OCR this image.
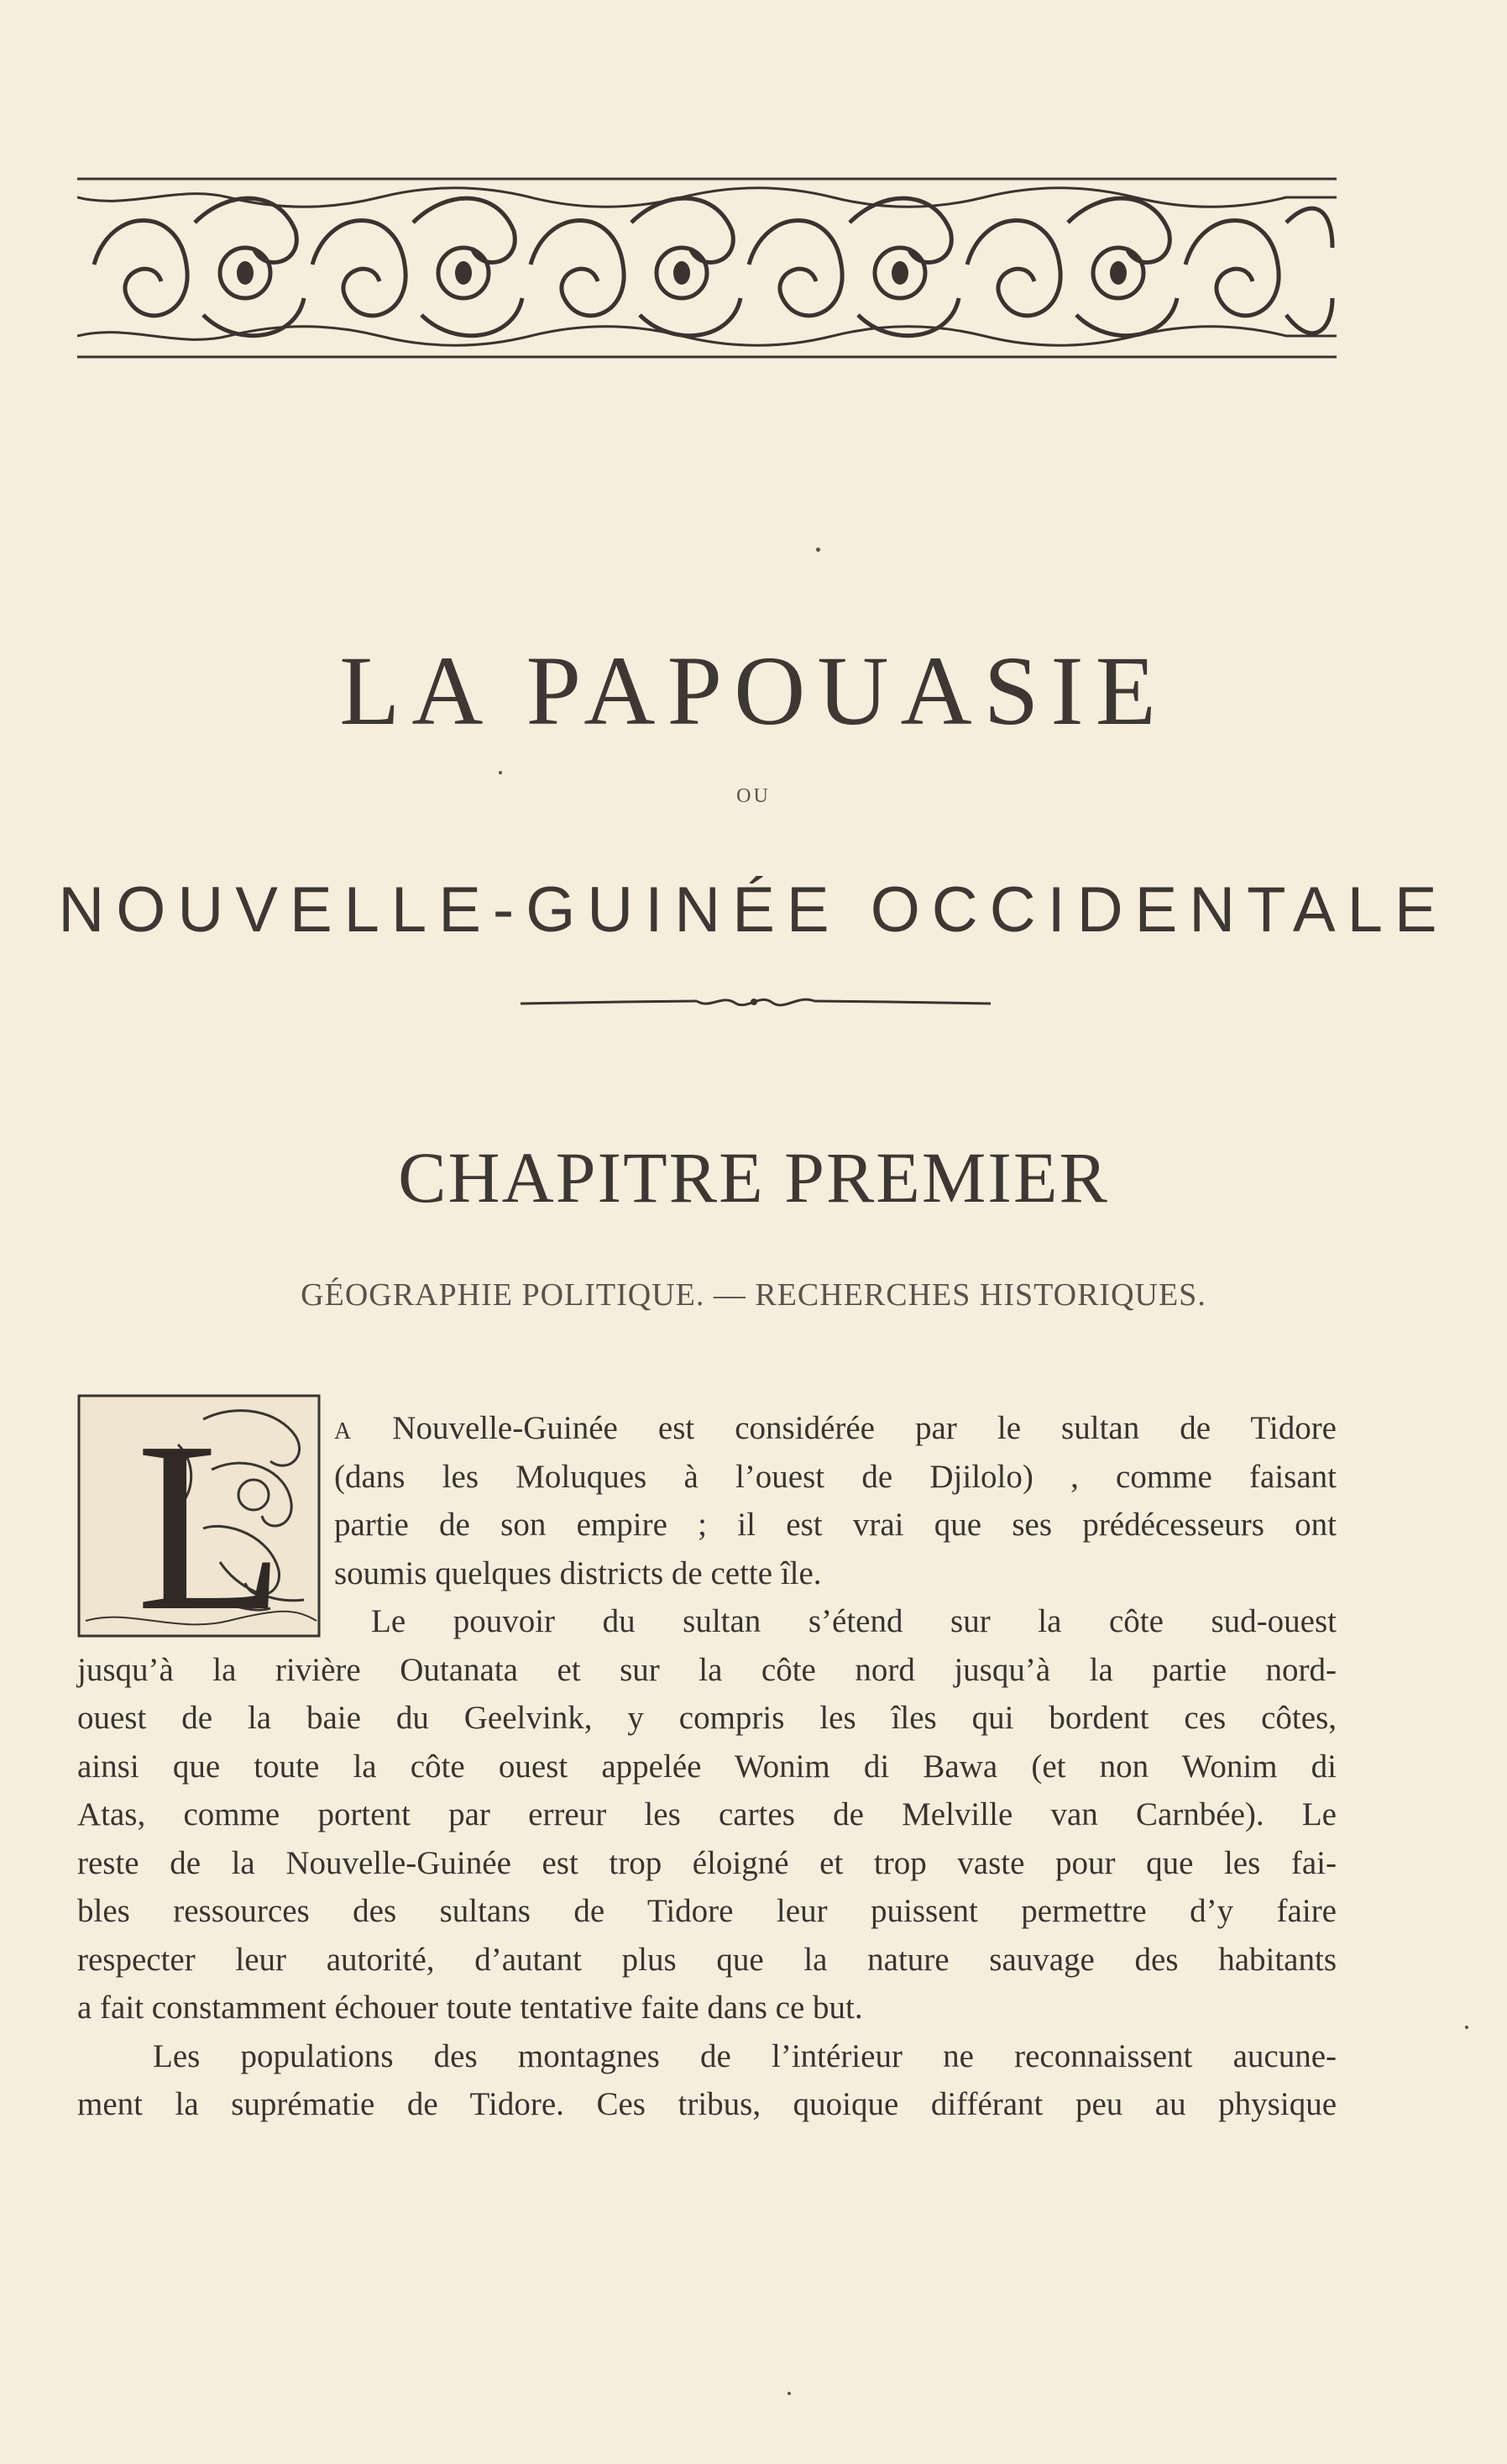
LA PAPOUASIE
OU
NOUVELLE-GUINÉE OCCIDENTALE
CHAPITRE PREMIER
GÉOGRAPHIE POLITIQUE. — RECHERCHES HISTORIQUES.
L A Nouvelle-Guinée est considérée par le sultan de Tidore
(dans les Moluques à l’ouest de Djilolo) , comme faisant
partie de son empire ; il est vrai que ses prédécesseurs ont
soumis quelques districts de cette île.
Le pouvoir du sultan s’étend sur la côte sud-ouest
jusqu’à la rivière Outanata et sur la côte nord jusqu’à la partie nord-
ouest de la baie du Geelvink, y compris les îles qui bordent ces côtes,
ainsi que toute la côte ouest appelée Wonim di Bawa (et non Wonim di
Atas, comme portent par erreur les cartes de Melville van Carnbée). Le
reste de la Nouvelle-Guinée est trop éloigné et trop vaste pour que les fai-
bles ressources des sultans de Tidore leur puissent permettre d’y faire
respecter leur autorité, d’autant plus que la nature sauvage des habitants
a fait constamment échouer toute tentative faite dans ce but.
Les populations des montagnes de l’intérieur ne reconnaissent aucune-
ment la suprématie de Tidore. Ces tribus, quoique différant peu au physique
